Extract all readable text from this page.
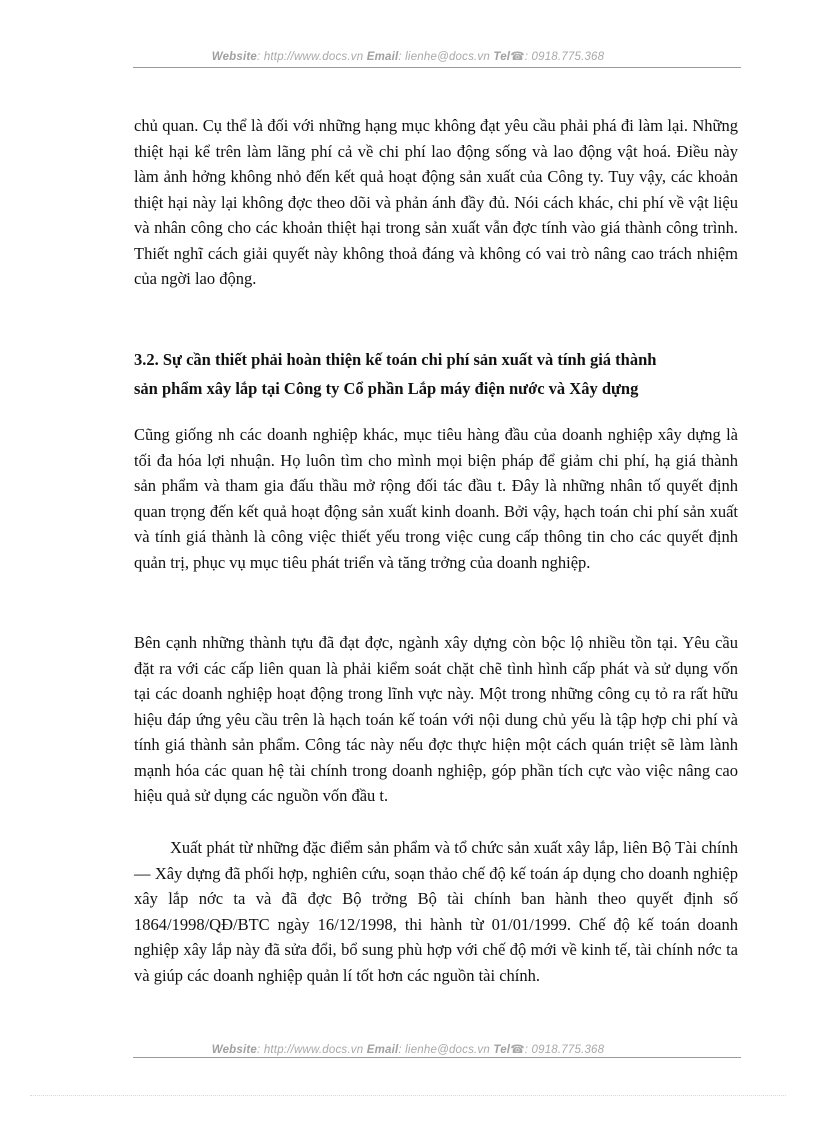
Website: http://www.docs.vn Email: lienhe@docs.vn Tel☎: 0918.775.368

chủ quan. Cụ thể là đối với những hạng mục không đạt yêu cầu phải phá đi làm lại. Những thiệt hại kể trên làm lãng phí cả về chi phí lao động sống và lao động vật hoá. Điều này làm ảnh hởng không nhỏ đến kết quả hoạt động sản xuất của Công ty. Tuy vậy, các khoản thiệt hại này lại không đợc theo dõi và phản ánh đầy đủ. Nói cách khác, chi phí về vật liệu và nhân công cho các khoản thiệt hại trong sản xuất vẫn đợc tính vào giá thành công trình. Thiết nghĩ cách giải quyết này không thoả đáng và không có vai trò nâng cao trách nhiệm của ngời lao động.

3.2. Sự cần thiết phải hoàn thiện kế toán chi phí sản xuất và tính giá thành
sản phẩm xây lắp tại Công ty Cổ phần Lắp máy điện nước và Xây dựng

Cũng giống nh các doanh nghiệp khác, mục tiêu hàng đầu của doanh nghiệp xây dựng là tối đa hóa lợi nhuận. Họ luôn tìm cho mình mọi biện pháp để giảm chi phí, hạ giá thành sản phẩm và tham gia đấu thầu mở rộng đối tác đầu t. Đây là những nhân tố quyết định quan trọng đến kết quả hoạt động sản xuất kinh doanh. Bởi vậy, hạch toán chi phí sản xuất và tính giá thành là công việc thiết yếu trong việc cung cấp thông tin cho các quyết định quản trị, phục vụ mục tiêu phát triển và tăng trởng của doanh nghiệp.

Bên cạnh những thành tựu đã đạt đợc, ngành xây dựng còn bộc lộ nhiều tồn tại. Yêu cầu đặt ra với các cấp liên quan là phải kiểm soát chặt chẽ tình hình cấp phát và sử dụng vốn tại các doanh nghiệp hoạt động trong lĩnh vực này. Một trong những công cụ tỏ ra rất hữu hiệu đáp ứng yêu cầu trên là hạch toán kế toán với nội dung chủ yếu là tập hợp chi phí và tính giá thành sản phẩm. Công tác này nếu đợc thực hiện một cách quán triệt sẽ làm lành mạnh hóa các quan hệ tài chính trong doanh nghiệp, góp phần tích cực vào việc nâng cao hiệu quả sử dụng các nguồn vốn đầu t.

Xuất phát từ những đặc điểm sản phẩm và tổ chức sản xuất xây lắp, liên Bộ Tài chính — Xây dựng đã phối hợp, nghiên cứu, soạn thảo chế độ kế toán áp dụng cho doanh nghiệp xây lắp nớc ta và đã đợc Bộ trởng Bộ tài chính ban hành theo quyết định số 1864/1998/QĐ/BTC ngày 16/12/1998, thi hành từ 01/01/1999. Chế độ kế toán doanh nghiệp xây lắp này đã sửa đổi, bổ sung phù hợp với chế độ mới về kinh tế, tài chính nớc ta và giúp các doanh nghiệp quản lí tốt hơn các nguồn tài chính.

Website: http://www.docs.vn Email: lienhe@docs.vn Tel☎: 0918.775.368
